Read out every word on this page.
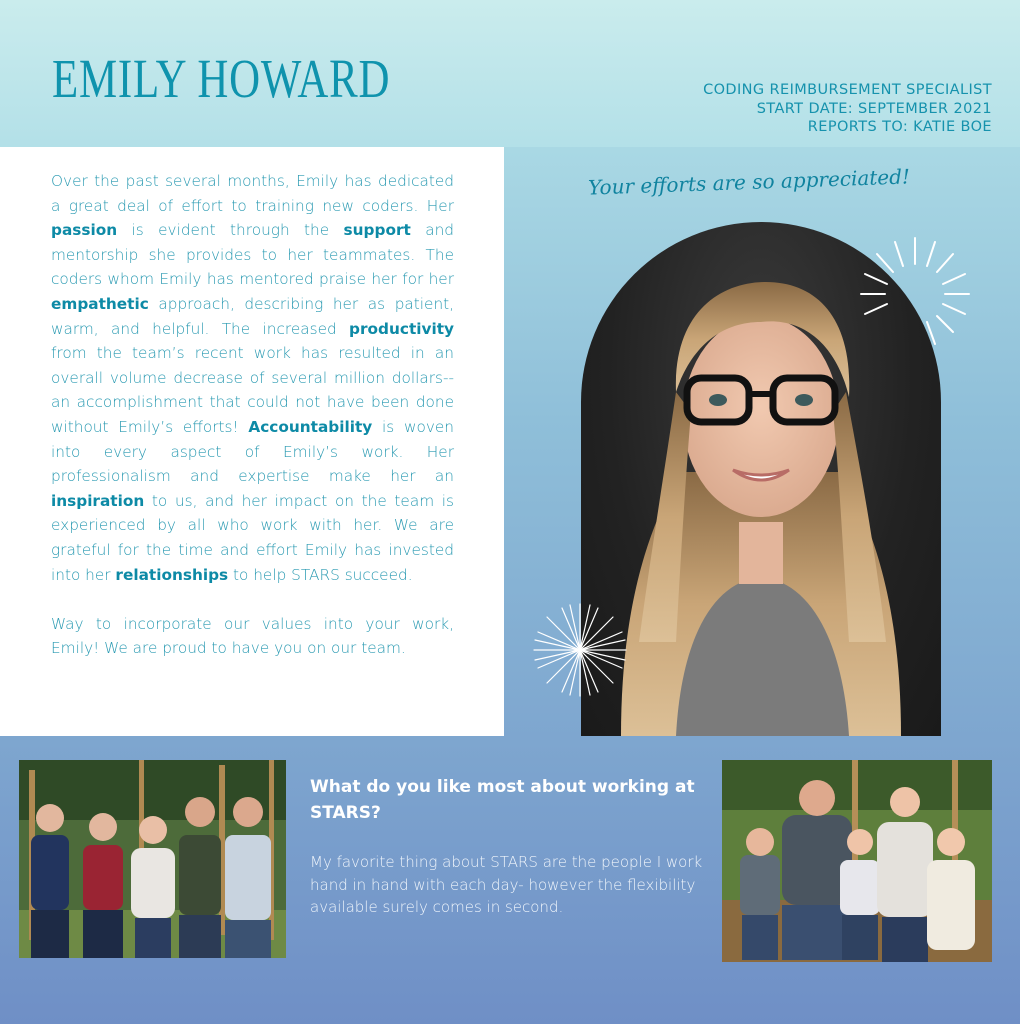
EMILY HOWARD	CODING REIMBURSEMENT SPECIALIST
START DATE: SEPTEMBER 2021
REPORTS TO: KATIE BOE

Over the past several months, Emily has dedicated a great deal of effort to training new coders. Her passion is evident through the support and mentorship she provides to her teammates. The coders whom Emily has mentored praise her for her empathetic approach, describing her as patient, warm, and helpful. The increased productivity from the team’s recent work has resulted in an overall volume decrease of several million dollars-- an accomplishment that could not have been done without Emily’s efforts! Accountability is woven into every aspect of Emily’s work. Her professionalism and expertise make her an inspiration to us, and her impact on the team is experienced by all who work with her. We are grateful for the time and effort Emily has invested into her relationships to help STARS succeed.

Way to incorporate our values into your work, Emily! We are proud to have you on our team.

Your efforts are so appreciated!
What do you like most about working at STARS?
My favorite thing about STARS are the people I work hand in hand with each day- however the flexibility available surely comes in second.
